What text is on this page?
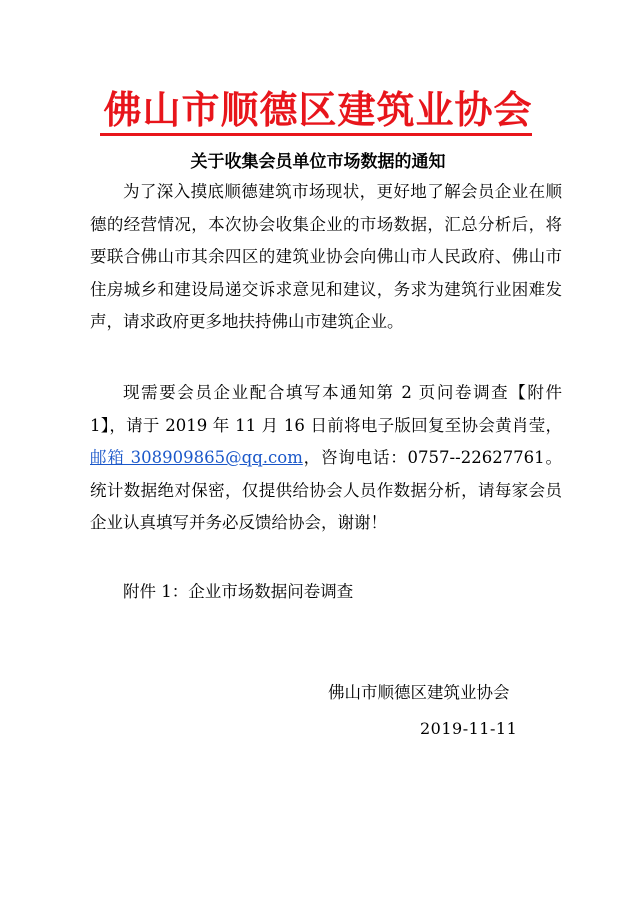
佛山市顺德区建筑业协会
关于收集会员单位市场数据的通知

为了深入摸底顺德建筑市场现状，更好地了解会员企业在顺德的经营情况，本次协会收集企业的市场数据，汇总分析后，将要联合佛山市其余四区的建筑业协会向佛山市人民政府、佛山市住房城乡和建设局递交诉求意见和建议，务求为建筑行业困难发声，请求政府更多地扶持佛山市建筑企业。

现需要会员企业配合填写本通知第 2 页问卷调查【附件 1】，请于 2019 年 11 月 16 日前将电子版回复至协会黄肖莹，邮箱 308909865@qq.com，咨询电话：0757--22627761。统计数据绝对保密，仅提供给协会人员作数据分析，请每家会员企业认真填写并务必反馈给协会，谢谢！

附件 1：企业市场数据问卷调查
佛山市顺德区建筑业协会
2019-11-11
